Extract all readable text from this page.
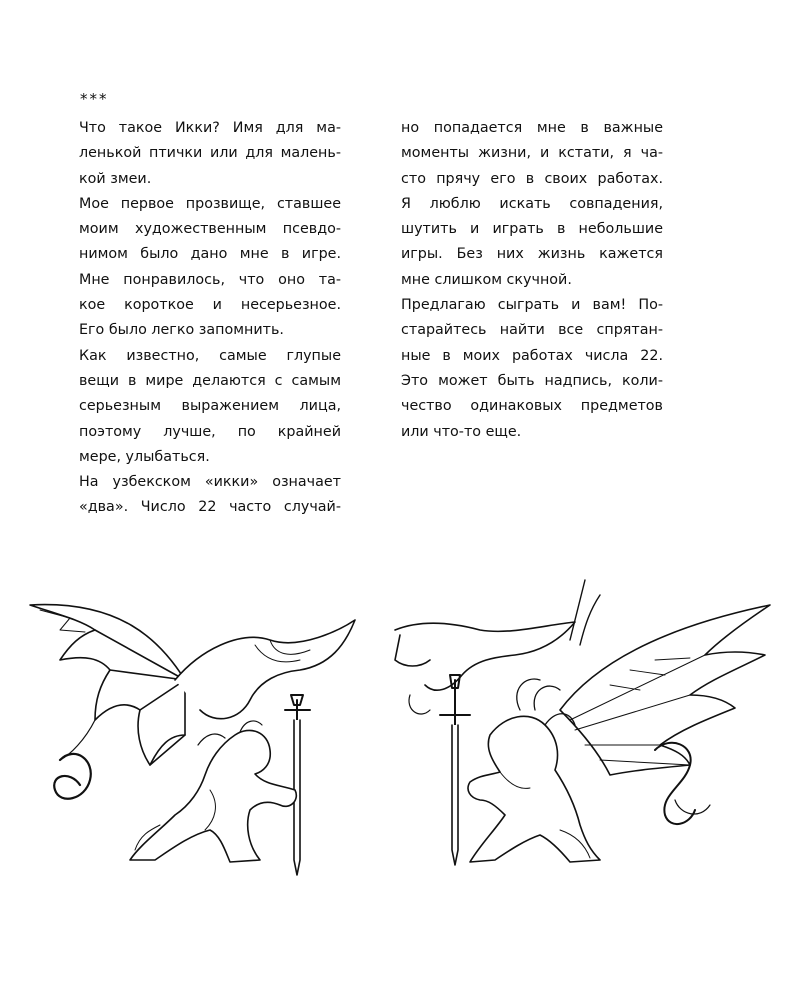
***
Что такое Икки? Имя для ма-
ленькой птички или для малень-
кой змеи.
Мое первое прозвище, ставшее
моим художественным псевдо-
нимом было дано мне в игре.
Мне понравилось, что оно та-
кое короткое и несерьезное.
Его было легко запомнить.
Как известно, самые глупые
вещи в мире делаются с самым
серьезным выражением лица,
поэтому лучше, по крайней
мере, улыбаться.
На узбекском «икки» означает
«два». Число 22 часто случай-
но попадается мне в важные
моменты жизни, и кстати, я ча-
сто прячу его в своих работах.
Я люблю искать совпадения,
шутить и играть в небольшие
игры. Без них жизнь кажется
мне слишком скучной.
Предлагаю сыграть и вам! По-
старайтесь найти все спрятан-
ные в моих работах числа 22.
Это может быть надпись, коли-
чество одинаковых предметов
или что-то еще.
